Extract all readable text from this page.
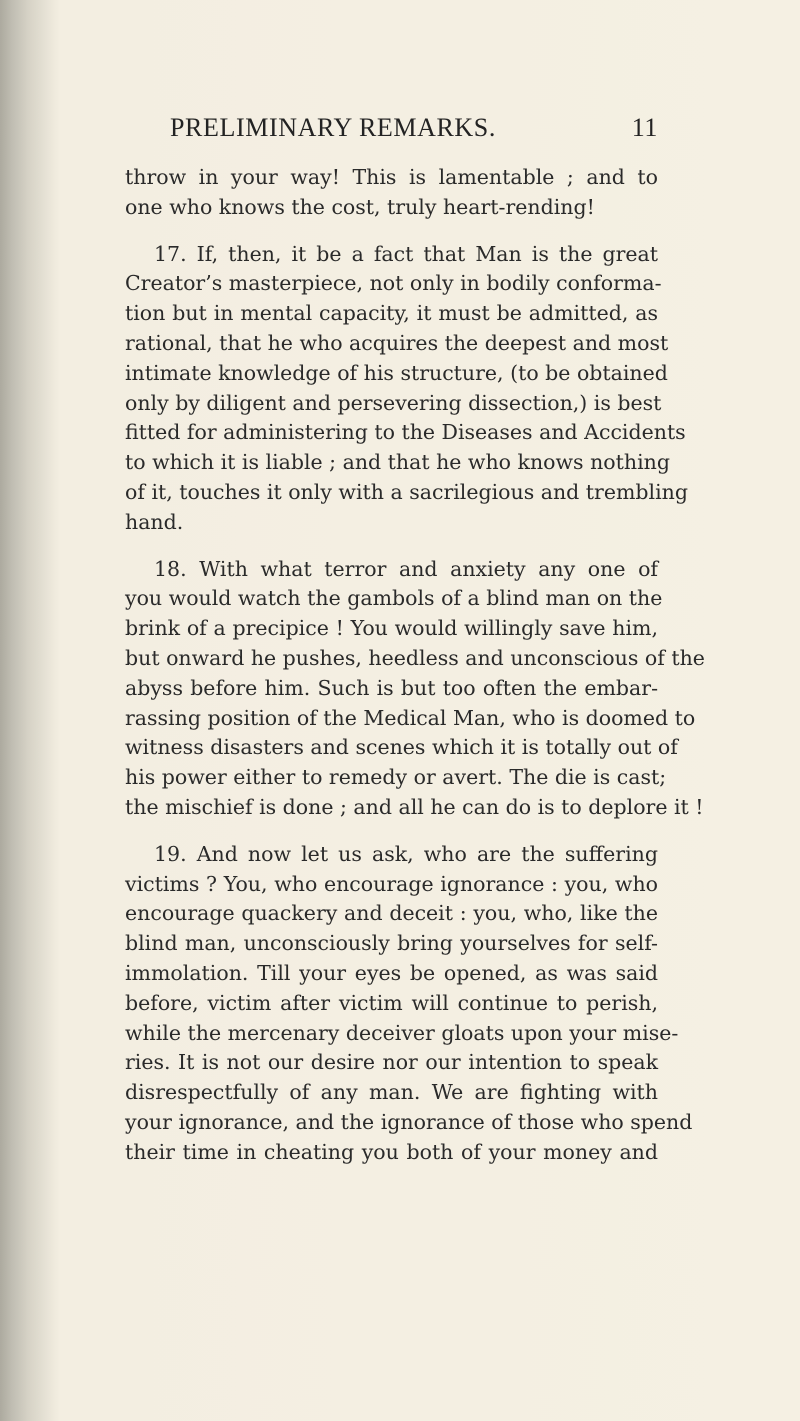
PRELIMINARY REMARKS.	11
throw in your way! This is lamentable ; and to
one who knows the cost, truly heart-rending!
17. If, then, it be a fact that Man is the great
Creator’s masterpiece, not only in bodily conforma-
tion but in mental capacity, it must be admitted, as
rational, that he who acquires the deepest and most
intimate knowledge of his structure, (to be obtained
only by diligent and persevering dissection,) is best
fitted for administering to the Diseases and Accidents
to which it is liable ; and that he who knows nothing
of it, touches it only with a sacrilegious and trembling
hand.
18. With what terror and anxiety any one of
you would watch the gambols of a blind man on the
brink of a precipice ! You would willingly save him,
but onward he pushes, heedless and unconscious of the
abyss before him. Such is but too often the embar-
rassing position of the Medical Man, who is doomed to
witness disasters and scenes which it is totally out of
his power either to remedy or avert. The die is cast;
the mischief is done ; and all he can do is to deplore it !
19. And now let us ask, who are the suffering
victims ? You, who encourage ignorance : you, who
encourage quackery and deceit : you, who, like the
blind man, unconsciously bring yourselves for self-
immolation. Till your eyes be opened, as was said
before, victim after victim will continue to perish,
while the mercenary deceiver gloats upon your mise-
ries. It is not our desire nor our intention to speak
disrespectfully of any man. We are fighting with
your ignorance, and the ignorance of those who spend
their time in cheating you both of your money and
